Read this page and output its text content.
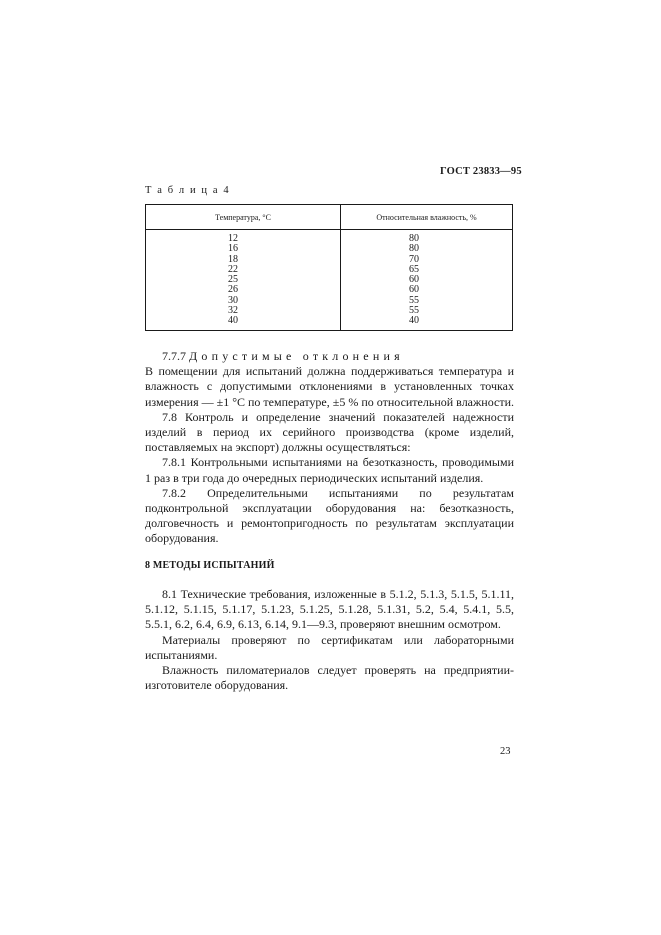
ГОСТ 23833—95
Т а б л и ц а 4
Температура, °С	Относительная влажность, %
12	80
16	80
18	70
22	65
25	60
26	60
30	55
32	55
40	40

7.7.7 Допустимые отклонения

В помещении для испытаний должна поддерживаться температура и влажность с допустимыми отклонениями в установленных точках измерения — ±1 °С по температуре, ±5 % по относительной влажности.

7.8 Контроль и определение значений показателей надежности изделий в период их серийного производства (кроме изделий, поставляемых на экспорт) должны осуществляться:

7.8.1 Контрольными испытаниями на безотказность, проводимыми 1 раз в три года до очередных периодических испытаний изделия.

7.8.2 Определительными испытаниями по результатам подконтрольной эксплуатации оборудования на: безотказность, долговечность и ремонтопригодность по результатам эксплуатации оборудования.

8 МЕТОДЫ ИСПЫТАНИЙ

8.1 Технические требования, изложенные в 5.1.2, 5.1.3, 5.1.5, 5.1.11, 5.1.12, 5.1.15, 5.1.17, 5.1.23, 5.1.25, 5.1.28, 5.1.31, 5.2, 5.4, 5.4.1, 5.5, 5.5.1, 6.2, 6.4, 6.9, 6.13, 6.14, 9.1—9.3, проверяют внешним осмотром.

Материалы проверяют по сертификатам или лабораторными испытаниями.

Влажность пиломатериалов следует проверять на предприятии-изготовителе оборудования.

23
